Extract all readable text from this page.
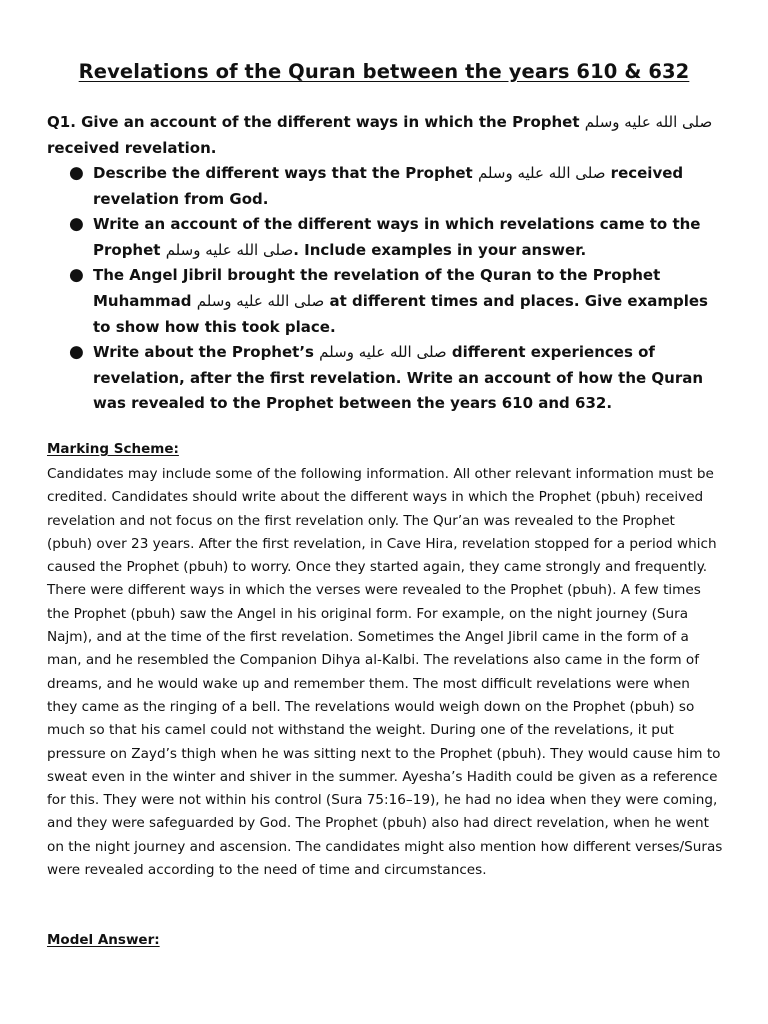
Revelations of the Quran between the years 610 & 632
Q1. Give an account of the different ways in which the Prophet صلى الله عليه وسلم received revelation.
● Describe the different ways that the Prophet صلى الله عليه وسلم received revelation from God.
● Write an account of the different ways in which revelations came to the Prophet صلى الله عليه وسلم. Include examples in your answer.
● The Angel Jibril brought the revelation of the Quran to the Prophet Muhammad صلى الله عليه وسلم at different times and places. Give examples to show how this took place.
● Write about the Prophet’s صلى الله عليه وسلم different experiences of revelation, after the first revelation. Write an account of how the Quran was revealed to the Prophet between the years 610 and 632.
Marking Scheme:

Candidates may include some of the following information. All other relevant information must be credited. Candidates should write about the different ways in which the Prophet (pbuh) received revelation and not focus on the first revelation only. The Qur’an was revealed to the Prophet (pbuh) over 23 years. After the first revelation, in Cave Hira, revelation stopped for a period which caused the Prophet (pbuh) to worry. Once they started again, they came strongly and frequently. There were different ways in which the verses were revealed to the Prophet (pbuh). A few times the Prophet (pbuh) saw the Angel in his original form. For example, on the night journey (Sura Najm), and at the time of the first revelation. Sometimes the Angel Jibril came in the form of a man, and he resembled the Companion Dihya al-Kalbi. The revelations also came in the form of dreams, and he would wake up and remember them. The most difficult revelations were when they came as the ringing of a bell. The revelations would weigh down on the Prophet (pbuh) so much so that his camel could not withstand the weight. During one of the revelations, it put pressure on Zayd’s thigh when he was sitting next to the Prophet (pbuh). They would cause him to sweat even in the winter and shiver in the summer. Ayesha’s Hadith could be given as a reference for this. They were not within his control (Sura 75:16–19), he had no idea when they were coming, and they were safeguarded by God. The Prophet (pbuh) also had direct revelation, when he went on the night journey and ascension. The candidates might also mention how different verses/Suras were revealed according to the need of time and circumstances.

Model Answer:
